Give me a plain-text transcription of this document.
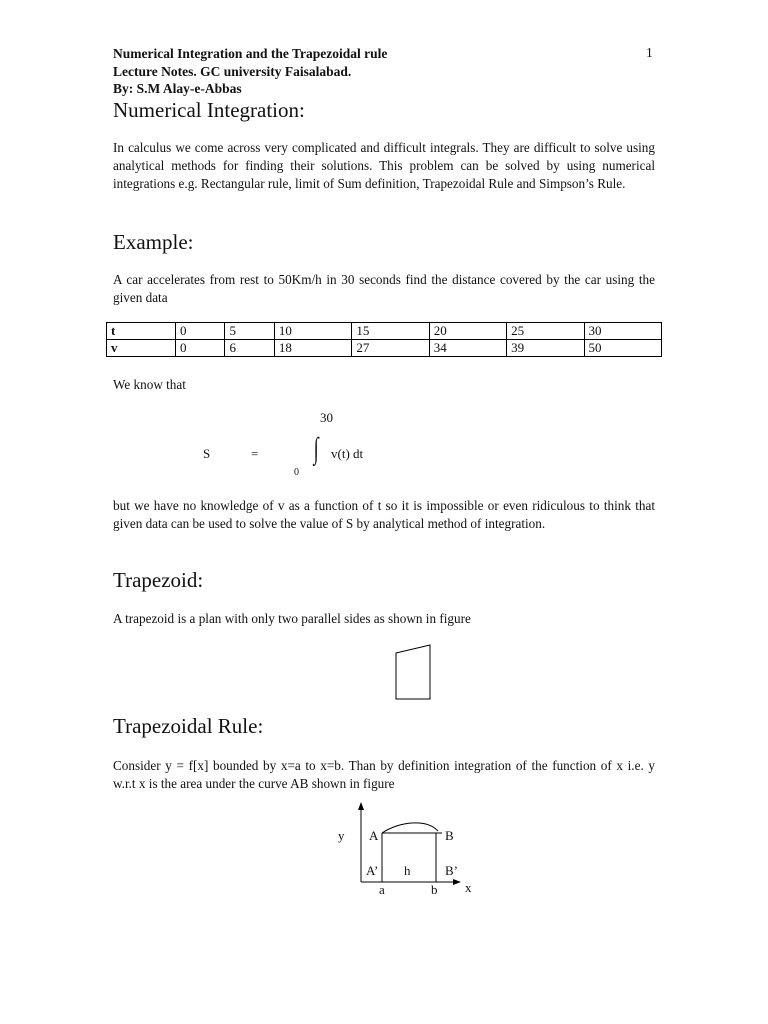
Numerical Integration and the Trapezoidal rule	1
Lecture Notes. GC university Faisalabad.
By: S.M Alay-e-Abbas
Numerical Integration:

In calculus we come across very complicated and difficult integrals. They are difficult to solve using analytical methods for finding their solutions. This problem can be solved by using numerical integrations e.g. Rectangular rule, limit of Sum definition, Trapezoidal Rule and Simpson’s Rule.

Example:

A car accelerates from rest to 50Km/h in 30 seconds find the distance covered by the car using the given data

t	0	5	10	15	20	25	30
v	0	6	18	27	34	39	50

We know that

30
S	= ∫ v(t) dt
0

but we have no knowledge of v as a function of t so it is impossible or even ridiculous to think that given data can be used to solve the value of S by analytical method of integration.

Trapezoid:

A trapezoid is a plan with only two parallel sides as shown in figure

Trapezoidal Rule:

Consider y = f[x] bounded by x=a to x=b. Than by definition integration of the function of x i.e. y w.r.t x is the area under the curve AB shown in figure

y A	B
A’ h	B’
a	b x
